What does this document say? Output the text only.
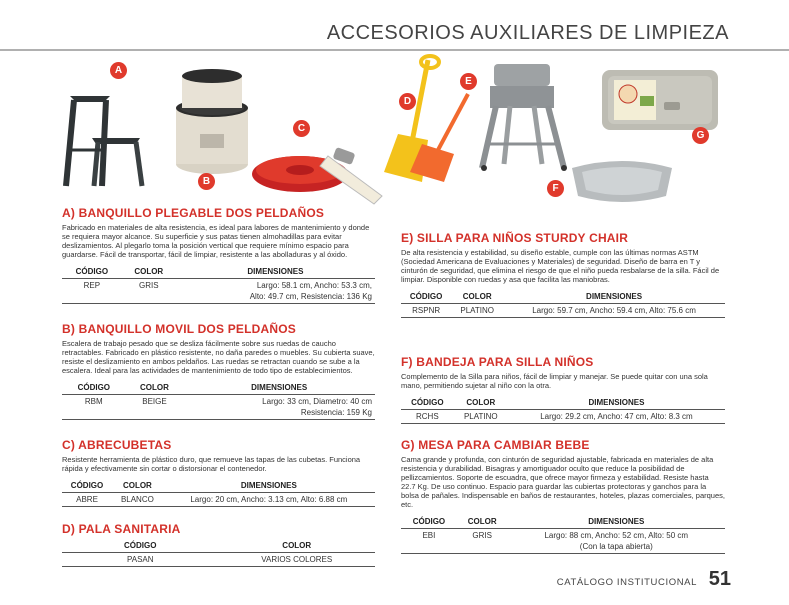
ACCESORIOS AUXILIARES DE LIMPIEZA
A
B
C
D
E
G
F
A) BANQUILLO PLEGABLE DOS PELDAÑOS

Fabricado en materiales de alta resistencia, es ideal para labores de mantenimiento y donde se requiera mayor alcance. Su superficie y sus patas tienen almohadillas para evitar deslizamientos. Al plegarlo toma la posición vertical que requiere mínimo espacio para guardarse. Fácil de transportar, fácil de limpiar, resistente a las abolladuras y al óxido.

CÓDIGO	COLOR	DIMENSIONES
REP	GRIS	Largo: 58.1 cm, Ancho: 53.3 cm,
Alto: 49.7 cm, Resistencia: 136 Kg
B) BANQUILLO MOVIL DOS PELDAÑOS

Escalera de trabajo pesado que se desliza fácilmente sobre sus ruedas de caucho retractables. Fabricado en plástico resistente, no daña paredes o muebles. Su cubierta suave, resiste el deslizamiento en ambos peldaños. Las ruedas se retractan cuando se sube a la escalera. Ideal para las actividades de mantenimiento de todo tipo de establecimientos.

CÓDIGO	COLOR	DIMENSIONES
RBM	BEIGE	Largo: 33 cm, Diametro: 40 cm
Resistencia: 159 Kg
C) ABRECUBETAS

Resistente herramienta de plástico duro, que remueve las tapas de las cubetas. Funciona rápida y efectivamente sin cortar o distorsionar el contenedor.

CÓDIGO	COLOR	DIMENSIONES
ABRE	BLANCO	Largo: 20 cm, Ancho: 3.13 cm, Alto: 6.88 cm
D) PALA SANITARIA
CÓDIGO	COLOR
PASAN	VARIOS COLORES
E) SILLA PARA NIÑOS STURDY CHAIR

De alta resistencia y estabilidad, su diseño estable, cumple con las últimas normas ASTM (Sociedad Americana de Evaluaciones y Materiales) de seguridad. Diseño de barra en T y cinturón de seguridad, que elimina el riesgo de que el niño pueda resbalarse de la silla. Fácil de limpiar. Disponible con ruedas y asa que facilita las maniobras.

CÓDIGO	COLOR	DIMENSIONES
RSPNR	PLATINO	Largo: 59.7 cm, Ancho: 59.4 cm, Alto: 75.6 cm
F) BANDEJA PARA SILLA NIÑOS

Complemento de la Silla para niños, fácil de limpiar y manejar. Se puede quitar con una sola mano, permitiendo sujetar al niño con la otra.

CÓDIGO	COLOR	DIMENSIONES
RCHS	PLATINO	Largo: 29.2 cm, Ancho: 47 cm, Alto: 8.3 cm
G) MESA PARA CAMBIAR BEBE

Cama grande y profunda, con cinturón de seguridad ajustable, fabricada en materiales de alta resistencia y durabilidad. Bisagras y amortiguador oculto que reduce la posibilidad de pellizcamientos. Soporte de escuadra, que ofrece mayor firmeza y estabilidad. Resiste hasta 22.7 Kg. De uso continuo. Espacio para guardar las cubiertas protectoras y ganchos para la bolsa de pañales. Indispensable en baños de restaurantes, hoteles, plazas comerciales, parques, etc.

CÓDIGO	COLOR	DIMENSIONES
EBI	GRIS	Largo: 88 cm, Ancho: 52 cm, Alto: 50 cm
(Con la tapa abierta)
CATÁLOGO INSTITUCIONAL 51
